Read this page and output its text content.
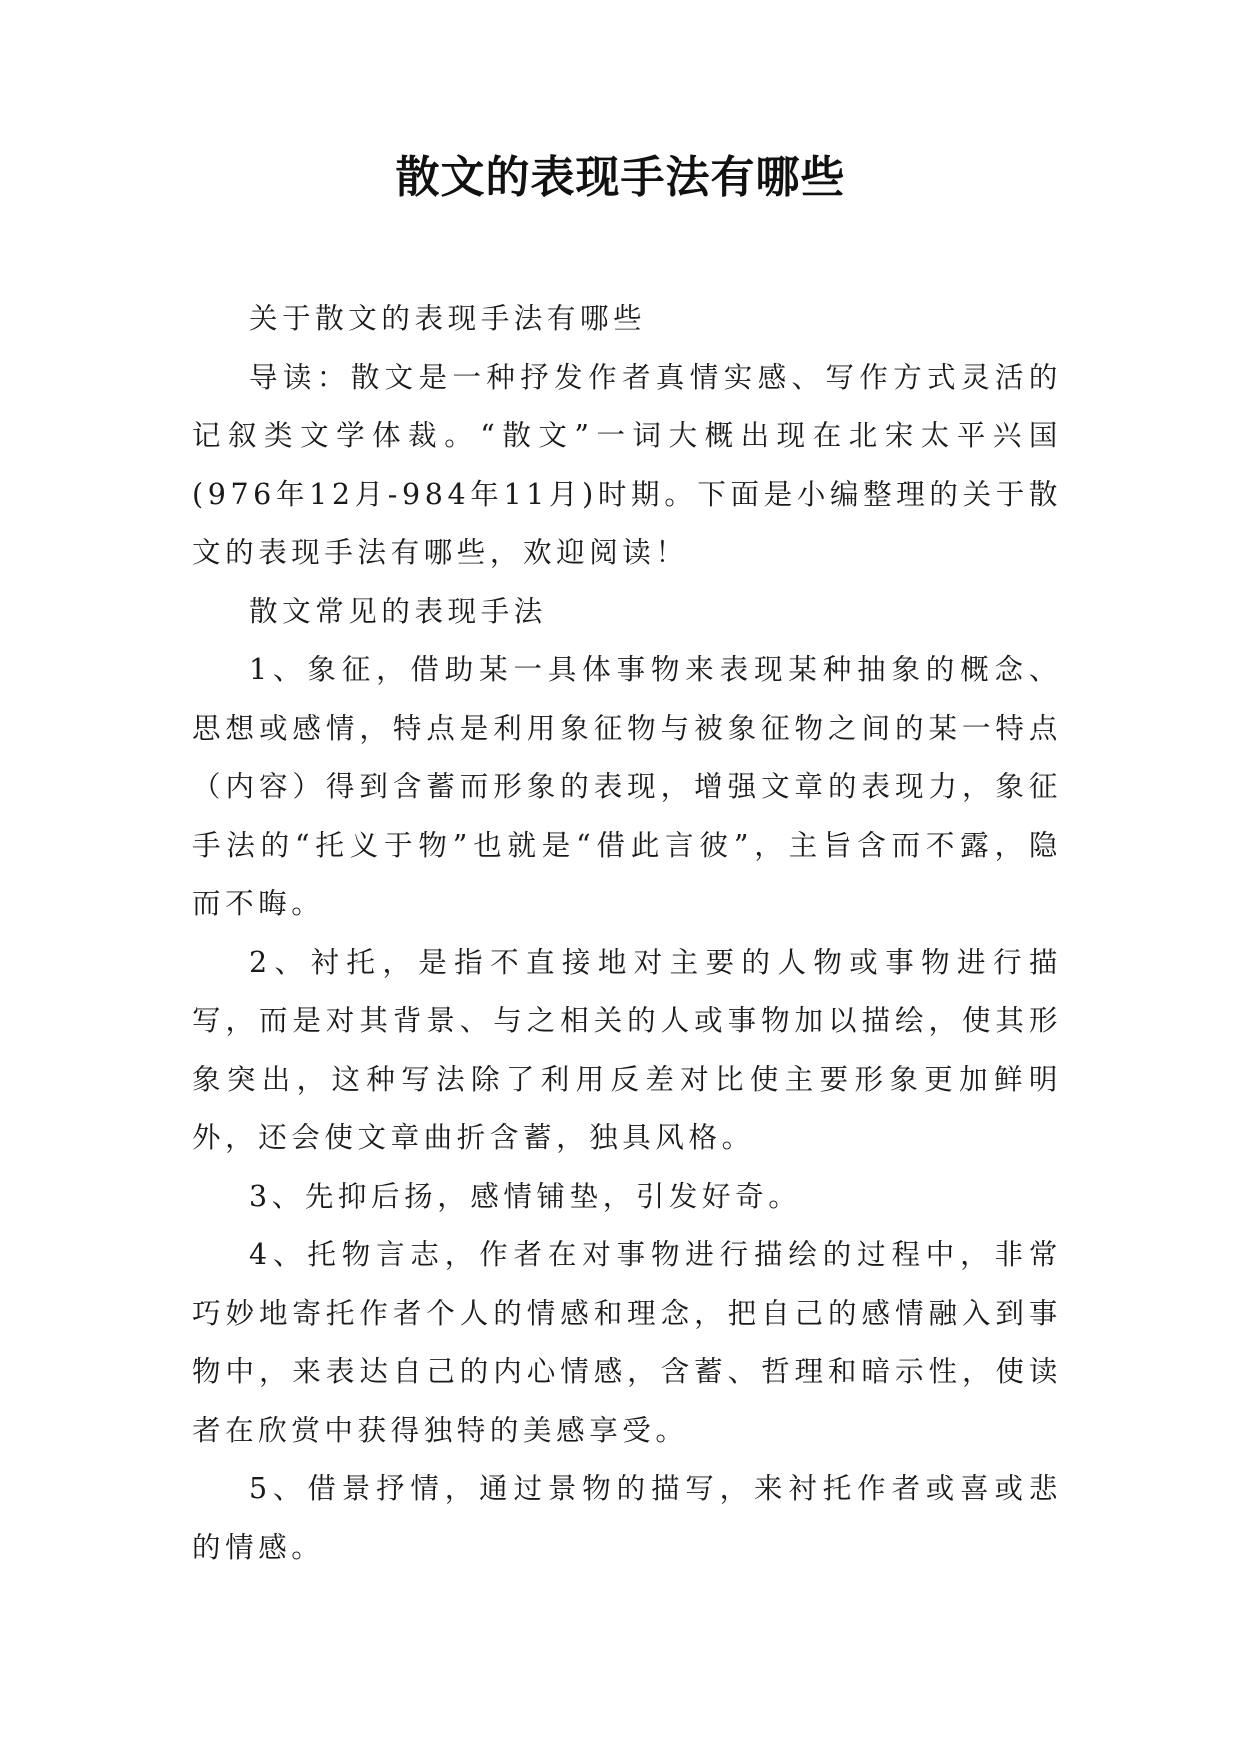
散文的表现手法有哪些

关于散文的表现手法有哪些

导读：散文是一种抒发作者真情实感、写作方式灵活的记叙类文学体裁。“散文”一词大概出现在北宋太平兴国(976年12月-984年11月)时期。下面是小编整理的关于散文的表现手法有哪些，欢迎阅读！

散文常见的表现手法

1、象征，借助某一具体事物来表现某种抽象的概念、思想或感情，特点是利用象征物与被象征物之间的某一特点（内容）得到含蓄而形象的表现，增强文章的表现力，象征手法的“托义于物”也就是“借此言彼”，主旨含而不露，隐而不晦。

2、衬托，是指不直接地对主要的人物或事物进行描写，而是对其背景、与之相关的人或事物加以描绘，使其形象突出，这种写法除了利用反差对比使主要形象更加鲜明外，还会使文章曲折含蓄，独具风格。

3、先抑后扬，感情铺垫，引发好奇。

4、托物言志，作者在对事物进行描绘的过程中，非常巧妙地寄托作者个人的情感和理念，把自己的感情融入到事物中，来表达自己的内心情感，含蓄、哲理和暗示性，使读者在欣赏中获得独特的美感享受。

5、借景抒情，通过景物的描写，来衬托作者或喜或悲的情感。
